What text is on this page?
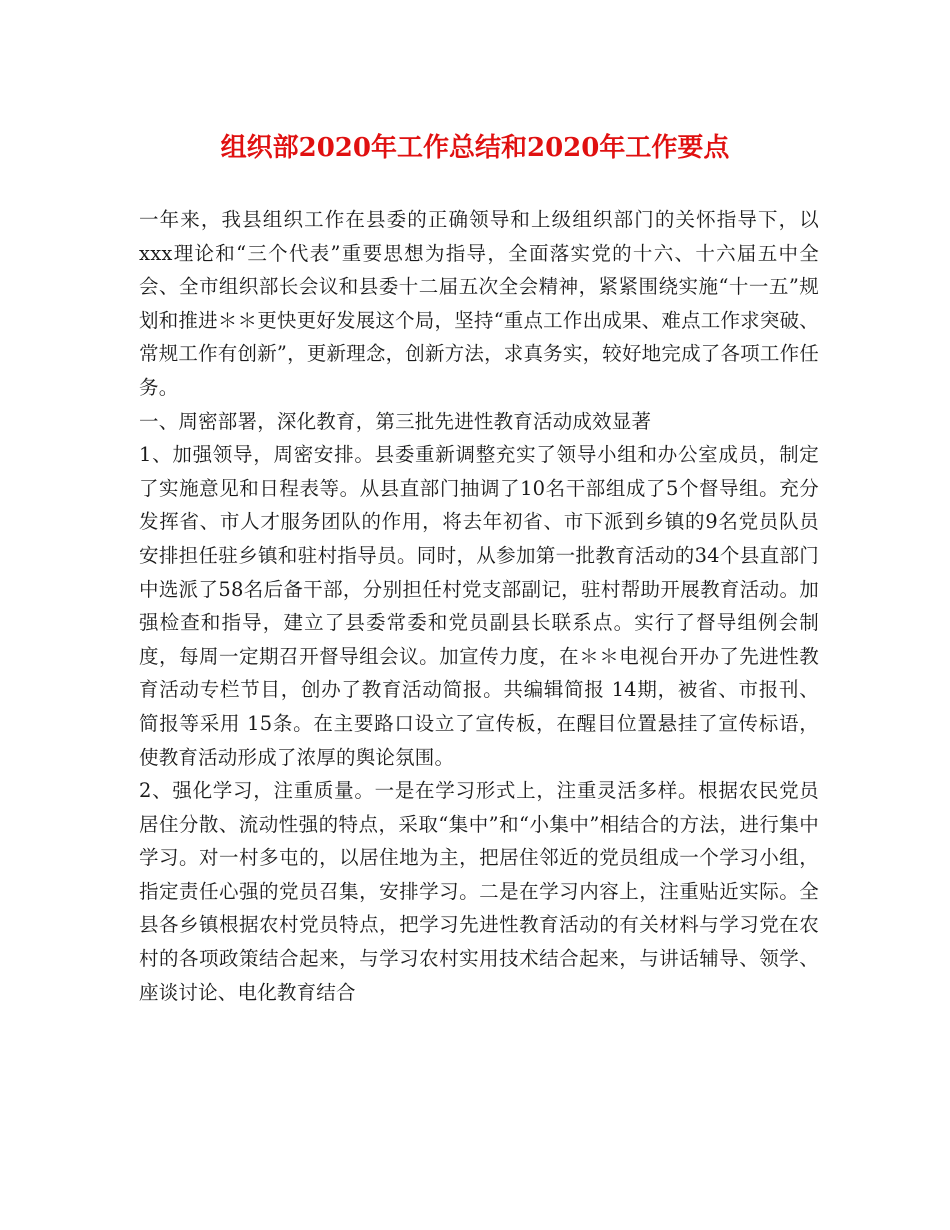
组织部2020年工作总结和2020年工作要点

一年来，我县组织工作在县委的正确领导和上级组织部门的关怀指导下，以xxx理论和“三个代表”重要思想为指导，全面落实党的十六、十六届五中全会、全市组织部长会议和县委十二届五次全会精神，紧紧围绕实施“十一五”规划和推进＊＊更快更好发展这个局，坚持“重点工作出成果、难点工作求突破、常规工作有创新”，更新理念，创新方法，求真务实，较好地完成了各项工作任务。

一、周密部署，深化教育，第三批先进性教育活动成效显著

1、加强领导，周密安排。县委重新调整充实了领导小组和办公室成员，制定了实施意见和日程表等。从县直部门抽调了10名干部组成了5个督导组。充分发挥省、市人才服务团队的作用，将去年初省、市下派到乡镇的9名党员队员安排担任驻乡镇和驻村指导员。同时，从参加第一批教育活动的34个县直部门中选派了58名后备干部，分别担任村党支部副记，驻村帮助开展教育活动。加强检查和指导，建立了县委常委和党员副县长联系点。实行了督导组例会制度，每周一定期召开督导组会议。加宣传力度，在＊＊电视台开办了先进性教育活动专栏节目，创办了教育活动简报。共编辑简报 14期，被省、市报刊、简报等采用 15条。在主要路口设立了宣传板，在醒目位置悬挂了宣传标语，使教育活动形成了浓厚的舆论氛围。

2、强化学习，注重质量。一是在学习形式上，注重灵活多样。根据农民党员居住分散、流动性强的特点，采取“集中”和“小集中”相结合的方法，进行集中学习。对一村多屯的，以居住地为主，把居住邻近的党员组成一个学习小组，指定责任心强的党员召集，安排学习。二是在学习内容上，注重贴近实际。全县各乡镇根据农村党员特点，把学习先进性教育活动的有关材料与学习党在农村的各项政策结合起来，与学习农村实用技术结合起来，与讲话辅导、领学、座谈讨论、电化教育结合
